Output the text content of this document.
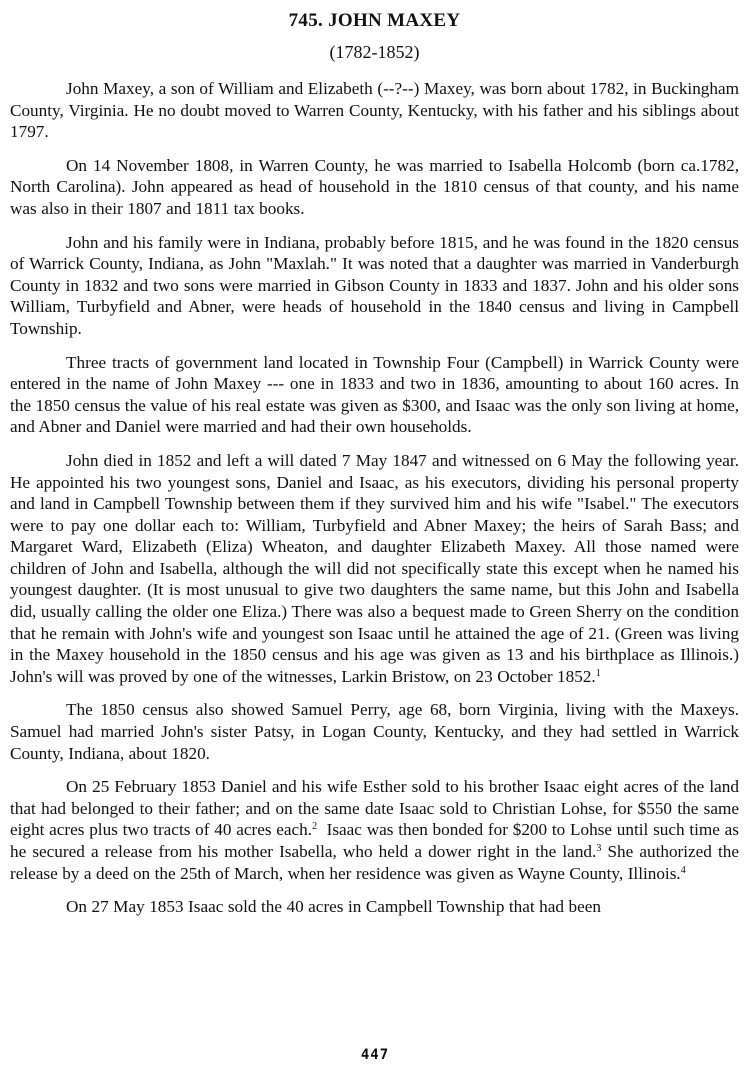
745. JOHN MAXEY
(1782-1852)

John Maxey, a son of William and Elizabeth (--?--) Maxey, was born about 1782, in Buckingham County, Virginia. He no doubt moved to Warren County, Kentucky, with his father and his siblings about 1797.

On 14 November 1808, in Warren County, he was married to Isabella Holcomb (born ca.1782, North Carolina). John appeared as head of household in the 1810 census of that county, and his name was also in their 1807 and 1811 tax books.

John and his family were in Indiana, probably before 1815, and he was found in the 1820 census of Warrick County, Indiana, as John "Maxlah." It was noted that a daughter was married in Vanderburgh County in 1832 and two sons were married in Gibson County in 1833 and 1837. John and his older sons William, Turbyfield and Abner, were heads of household in the 1840 census and living in Campbell Township.

Three tracts of government land located in Township Four (Campbell) in Warrick County were entered in the name of John Maxey --- one in 1833 and two in 1836, amounting to about 160 acres. In the 1850 census the value of his real estate was given as $300, and Isaac was the only son living at home, and Abner and Daniel were married and had their own households.

John died in 1852 and left a will dated 7 May 1847 and witnessed on 6 May the following year. He appointed his two youngest sons, Daniel and Isaac, as his executors, dividing his personal property and land in Campbell Township between them if they survived him and his wife "Isabel." The executors were to pay one dollar each to: William, Turbyfield and Abner Maxey; the heirs of Sarah Bass; and Margaret Ward, Elizabeth (Eliza) Wheaton, and daughter Elizabeth Maxey. All those named were children of John and Isabella, although the will did not specifically state this except when he named his youngest daughter. (It is most unusual to give two daughters the same name, but this John and Isabella did, usually calling the older one Eliza.) There was also a bequest made to Green Sherry on the condition that he remain with John's wife and youngest son Isaac until he attained the age of 21. (Green was living in the Maxey household in the 1850 census and his age was given as 13 and his birthplace as Illinois.) John's will was proved by one of the witnesses, Larkin Bristow, on 23 October 1852.$^1$

The 1850 census also showed Samuel Perry, age 68, born Virginia, living with the Maxeys. Samuel had married John's sister Patsy, in Logan County, Kentucky, and they had settled in Warrick County, Indiana, about 1820.

On 25 February 1853 Daniel and his wife Esther sold to his brother Isaac eight acres of the land that had belonged to their father; and on the same date Isaac sold to Christian Lohse, for $550 the same eight acres plus two tracts of 40 acres each.$^2$ Isaac was then bonded for $200 to Lohse until such time as he secured a release from his mother Isabella, who held a dower right in the land.$^3$ She authorized the release by a deed on the 25th of March, when her residence was given as Wayne County, Illinois.$^4$

On 27 May 1853 Isaac sold the 40 acres in Campbell Township that had been

447
